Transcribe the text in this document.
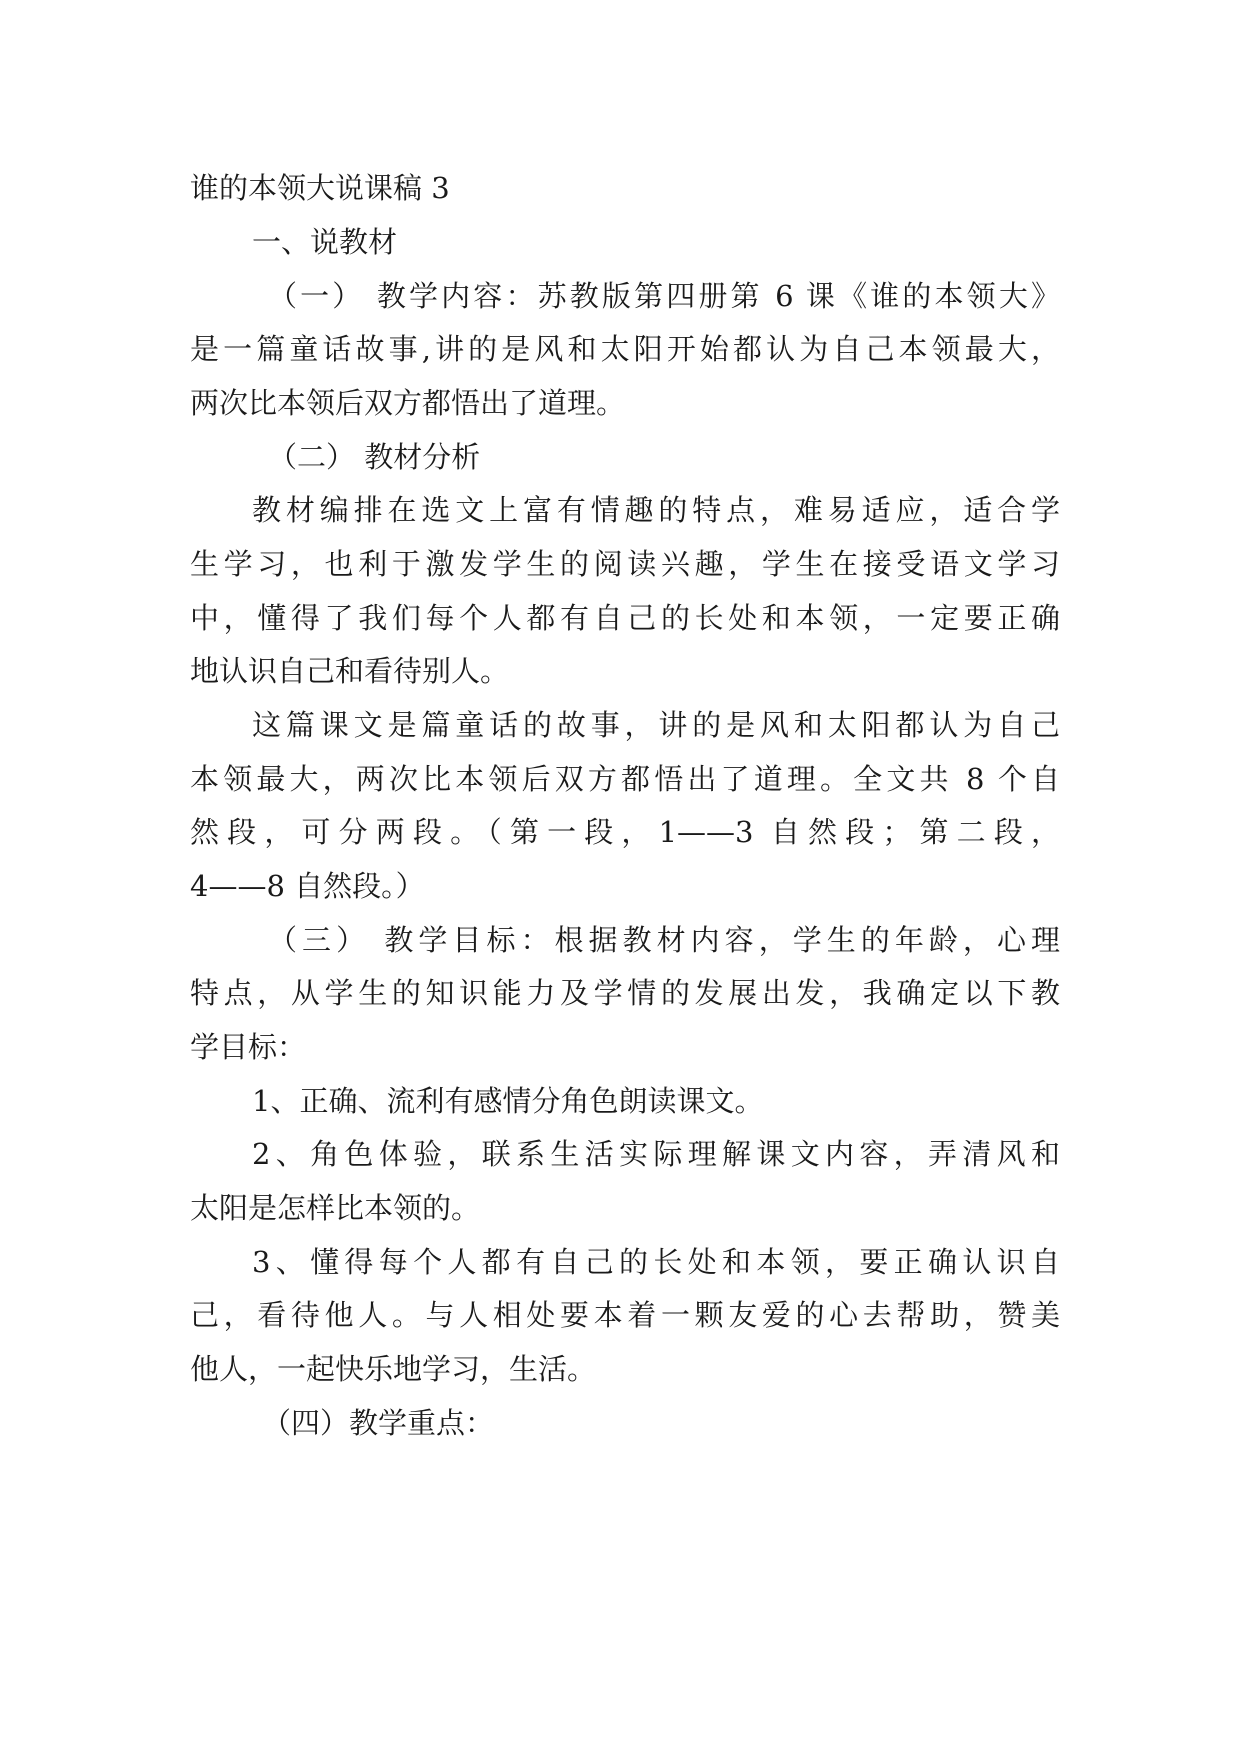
谁的本领大说课稿 3
一、说教材
（一） 教学内容：苏教版第四册第 6 课《谁的本领大》
是一篇童话故事,讲的是风和太阳开始都认为自己本领最大，
两次比本领后双方都悟出了道理。
（二） 教材分析
教材编排在选文上富有情趣的特点，难易适应，适合学
生学习，也利于激发学生的阅读兴趣，学生在接受语文学习
中，懂得了我们每个人都有自己的长处和本领，一定要正确
地认识自己和看待别人。
这篇课文是篇童话的故事，讲的是风和太阳都认为自己
本领最大，两次比本领后双方都悟出了道理。全文共 8 个自
然段，可分两段。（第一段，1——3 自然段；第二段，
4——8 自然段。）
（三） 教学目标：根据教材内容，学生的年龄，心理
特点，从学生的知识能力及学情的发展出发，我确定以下教
学目标：
1、正确、流利有感情分角色朗读课文。
2、角色体验，联系生活实际理解课文内容，弄清风和
太阳是怎样比本领的。
3、懂得每个人都有自己的长处和本领，要正确认识自
己，看待他人。与人相处要本着一颗友爱的心去帮助，赞美
他人，一起快乐地学习，生活。
（四）教学重点：
